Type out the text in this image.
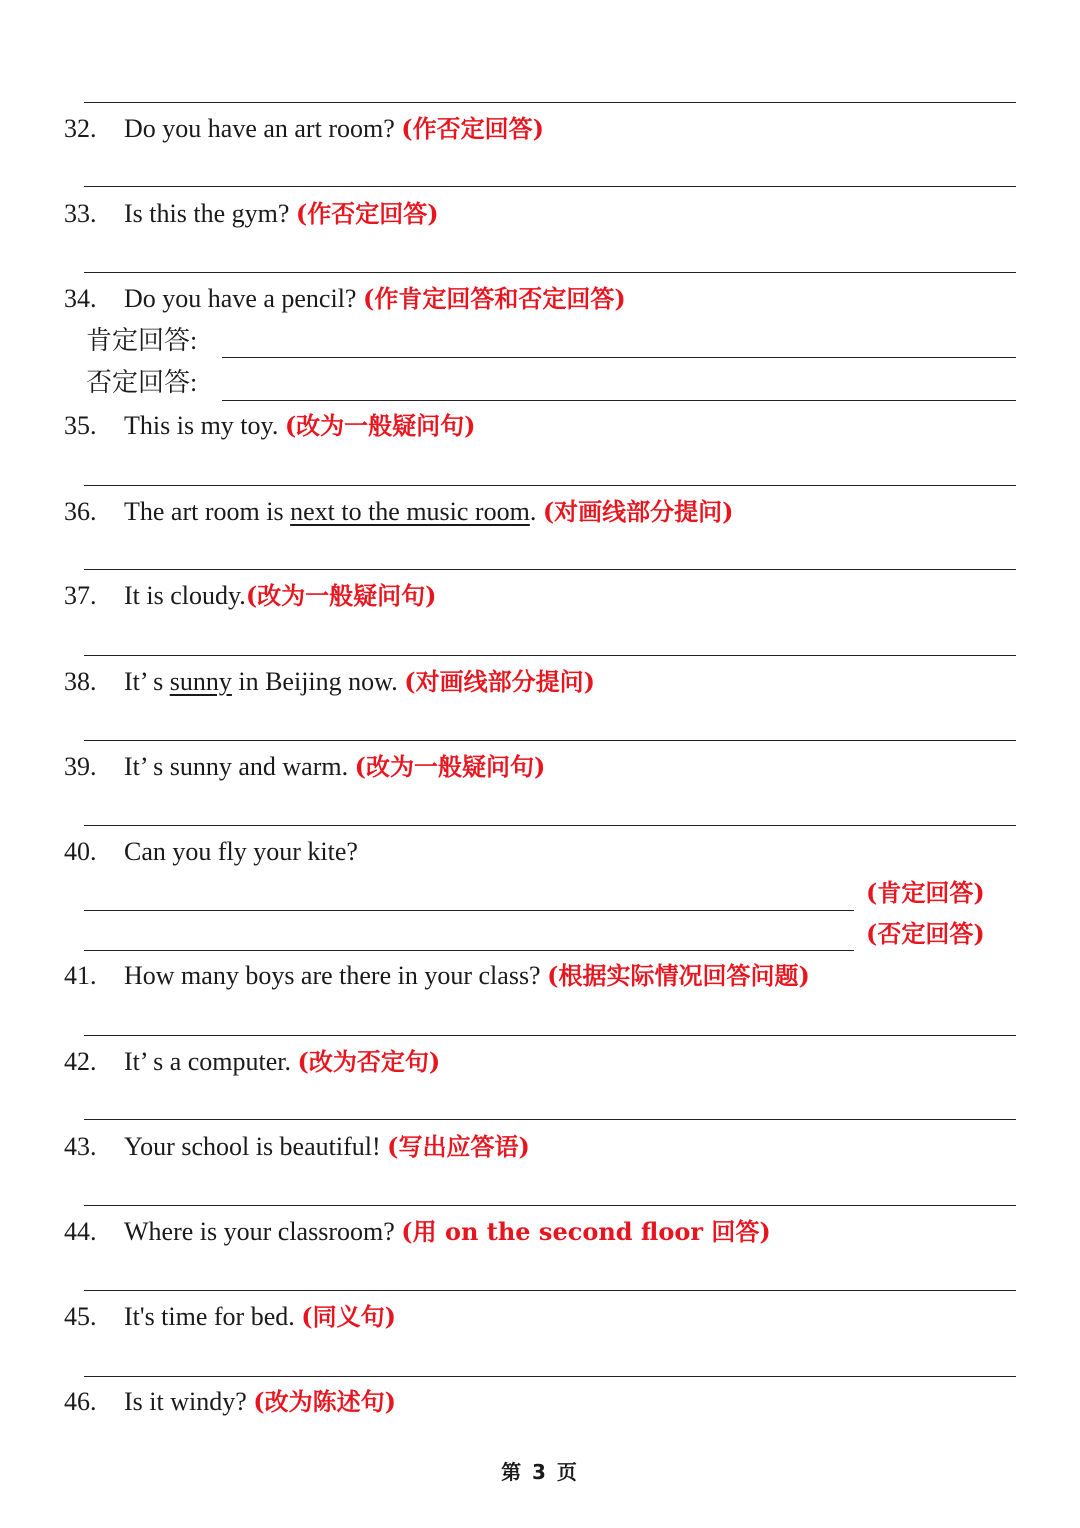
32. Do you have an art room? (作否定回答)
33. Is this the gym? (作否定回答)
34. Do you have a pencil? (作肯定回答和否定回答)
肯定回答:
否定回答:
35. This is my toy. (改为一般疑问句)
36. The art room is next to the music room. (对画线部分提问)
37. It is cloudy.(改为一般疑问句)
38. It’ s sunny in Beijing now. (对画线部分提问)
39. It’ s sunny and warm. (改为一般疑问句)
40. Can you fly your kite?
(肯定回答)
(否定回答)
41. How many boys are there in your class? (根据实际情况回答问题)
42. It’ s a computer. (改为否定句)
43. Your school is beautiful! (写出应答语)
44. Where is your classroom? (用 on the second floor 回答)
45. It's time for bed. (同义句)
46. Is it windy? (改为陈述句)
第 3 页
